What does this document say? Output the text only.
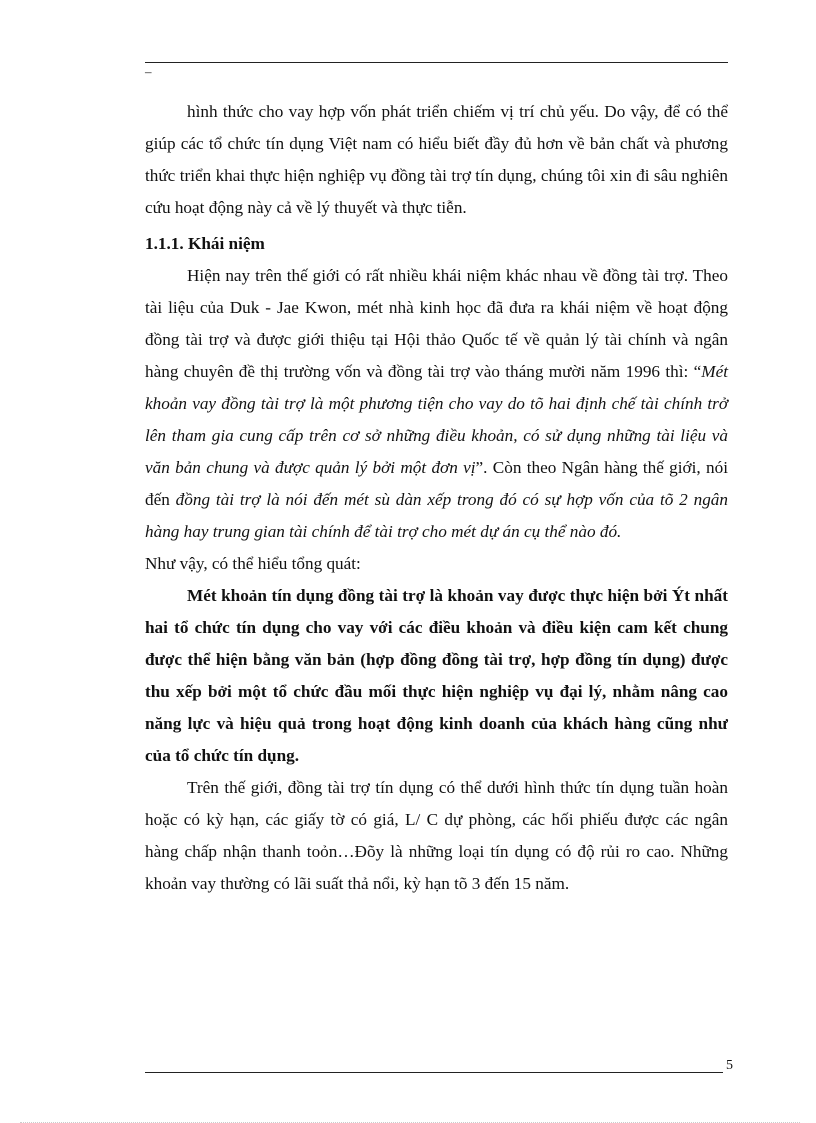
–

hình thức cho vay hợp vốn phát triển chiếm vị trí chủ yếu. Do vậy, để có thể giúp các tổ chức tín dụng Việt nam có hiểu biết đầy đủ hơn về bản chất và phương thức triển khai thực hiện nghiệp vụ đồng tài trợ tín dụng, chúng tôi xin đi sâu nghiên cứu hoạt động này cả về lý thuyết và thực tiễn.

1.1.1. Khái niệm

Hiện nay trên thế giới có rất nhiều khái niệm khác nhau về đồng tài trợ. Theo tài liệu của Duk - Jae Kwon, mét nhà kinh học đã đưa ra khái niệm về hoạt động đồng tài trợ và được giới thiệu tại Hội thảo Quốc tế về quản lý tài chính và ngân hàng chuyên đề thị trường vốn và đồng tài trợ vào tháng mười năm 1996 thì: “Mét khoản vay đồng tài trợ là một phương tiện cho vay do tõ hai định chế tài chính trở lên tham gia cung cấp trên cơ sở những điều khoản, có sử dụng những tài liệu và văn bản chung và được quản lý bởi một đơn vị”. Còn theo Ngân hàng thế giới, nói đến đồng tài trợ là nói đến mét sù dàn xếp trong đó có sự hợp vốn của tõ 2 ngân hàng hay trung gian tài chính để tài trợ cho mét dự án cụ thể nào đó.

Như vậy, có thể hiểu tổng quát:

Mét khoản tín dụng đồng tài trợ là khoản vay được thực hiện bởi Ýt nhất hai tổ chức tín dụng cho vay với các điều khoản và điều kiện cam kết chung được thể hiện bằng văn bản (hợp đồng đồng tài trợ, hợp đồng tín dụng) được thu xếp bởi một tổ chức đầu mối thực hiện nghiệp vụ đại lý, nhằm nâng cao năng lực và hiệu quả trong hoạt động kinh doanh của khách hàng cũng như của tổ chức tín dụng.

Trên thế giới, đồng tài trợ tín dụng có thể dưới hình thức tín dụng tuần hoàn hoặc có kỳ hạn, các giấy tờ có giá, L/ C dự phòng, các hối phiếu được các ngân hàng chấp nhận thanh toỏn…Đõy là những loại tín dụng có độ rủi ro cao. Những khoản vay thường có lãi suất thả nổi, kỳ hạn tõ 3 đến 15 năm.

5
